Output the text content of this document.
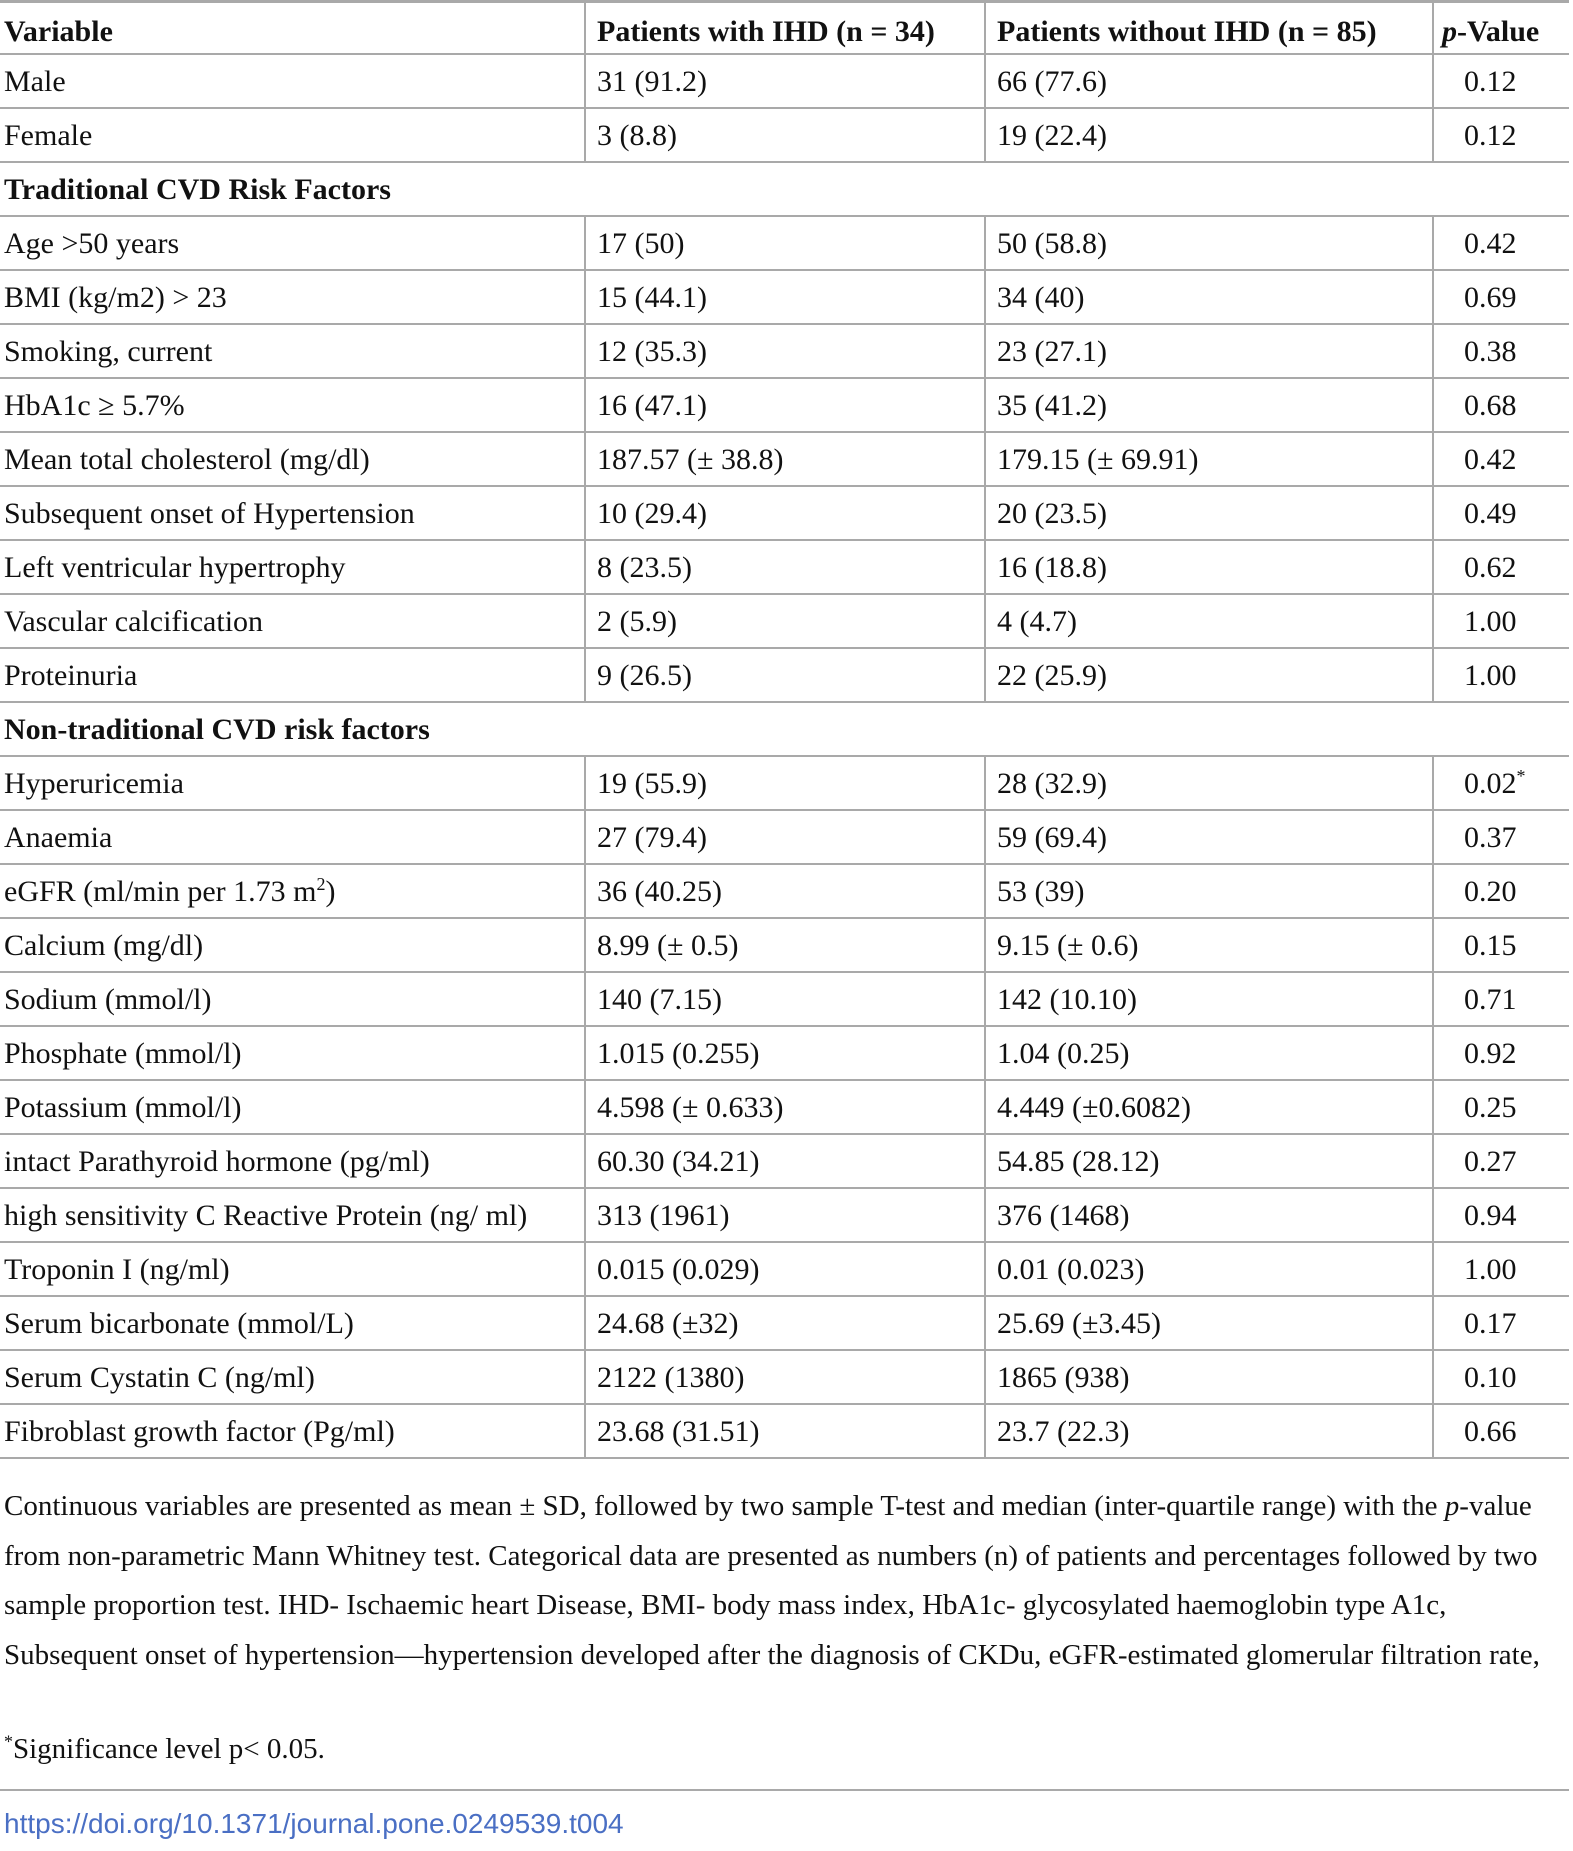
Variable	Patients with IHD (n = 34)	Patients without IHD (n = 85)	p-Value
Male	31 (91.2)	66 (77.6)	0.12
Female	3 (8.8)	19 (22.4)	0.12
Traditional CVD Risk Factors			
Age >50 years	17 (50)	50 (58.8)	0.42
BMI (kg/m2) > 23	15 (44.1)	34 (40)	0.69
Smoking, current	12 (35.3)	23 (27.1)	0.38
HbA1c ≥ 5.7%	16 (47.1)	35 (41.2)	0.68
Mean total cholesterol (mg/dl)	187.57 (± 38.8)	179.15 (± 69.91)	0.42
Subsequent onset of Hypertension	10 (29.4)	20 (23.5)	0.49
Left ventricular hypertrophy	8 (23.5)	16 (18.8)	0.62
Vascular calcification	2 (5.9)	4 (4.7)	1.00
Proteinuria	9 (26.5)	22 (25.9)	1.00
Non-traditional CVD risk factors			
Hyperuricemia	19 (55.9)	28 (32.9)	0.02*
Anaemia	27 (79.4)	59 (69.4)	0.37
eGFR (ml/min per 1.73 $m^2$)	36 (40.25)	53 (39)	0.20
Calcium (mg/dl)	8.99 (± 0.5)	9.15 (± 0.6)	0.15
Sodium (mmol/l)	140 (7.15)	142 (10.10)	0.71
Phosphate (mmol/l)	1.015 (0.255)	1.04 (0.25)	0.92
Potassium (mmol/l)	4.598 (± 0.633)	4.449 (±0.6082)	0.25
intact Parathyroid hormone (pg/ml)	60.30 (34.21)	54.85 (28.12)	0.27
high sensitivity C Reactive Protein (ng/ ml)	313 (1961)	376 (1468)	0.94
Troponin I (ng/ml)	0.015 (0.029)	0.01 (0.023)	1.00
Serum bicarbonate (mmol/L)	24.68 (±32)	25.69 (±3.45)	0.17
Serum Cystatin C (ng/ml)	2122 (1380)	1865 (938)	0.10
Fibroblast growth factor (Pg/ml)	23.68 (31.51)	23.7 (22.3)	0.66

Continuous variables are presented as mean ± SD, followed by two sample T-test and median (inter-quartile range) with the p-value from non-parametric Mann Whitney test. Categorical data are presented as numbers (n) of patients and percentages followed by two sample proportion test. IHD- Ischaemic heart Disease, BMI- body mass index, HbA1c- glycosylated haemoglobin type A1c, Subsequent onset of hypertension—hypertension developed after the diagnosis of CKDu, eGFR-estimated glomerular filtration rate,

*Significance level p< 0.05.
https://doi.org/10.1371/journal.pone.0249539.t004
